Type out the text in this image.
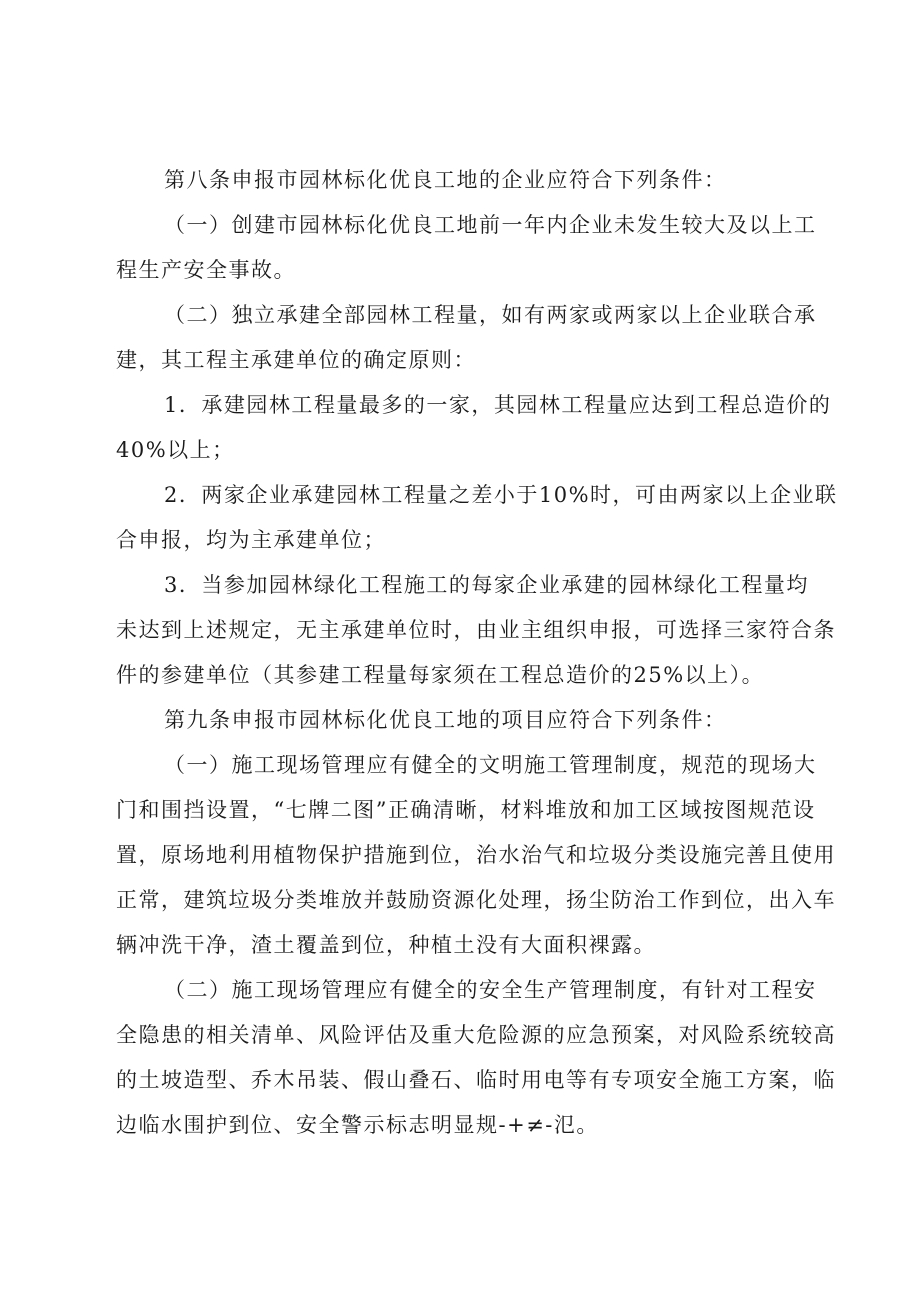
第八条申报市园林标化优良工地的企业应符合下列条件：
（一）创建市园林标化优良工地前一年内企业未发生较大及以上工
程生产安全事故。
（二）独立承建全部园林工程量，如有两家或两家以上企业联合承
建，其工程主承建单位的确定原则：
1．承建园林工程量最多的一家，其园林工程量应达到工程总造价的
40%以上；
2．两家企业承建园林工程量之差小于10%时，可由两家以上企业联
合申报，均为主承建单位；
3．当参加园林绿化工程施工的每家企业承建的园林绿化工程量均
未达到上述规定，无主承建单位时，由业主组织申报，可选择三家符合条
件的参建单位（其参建工程量每家须在工程总造价的25%以上）。
第九条申报市园林标化优良工地的项目应符合下列条件：
（一）施工现场管理应有健全的文明施工管理制度，规范的现场大
门和围挡设置，“七牌二图”正确清晰，材料堆放和加工区域按图规范设
置，原场地利用植物保护措施到位，治水治气和垃圾分类设施完善且使用
正常，建筑垃圾分类堆放并鼓励资源化处理，扬尘防治工作到位，出入车
辆冲洗干净，渣土覆盖到位，种植土没有大面积裸露。
（二）施工现场管理应有健全的安全生产管理制度，有针对工程安
全隐患的相关清单、风险评估及重大危险源的应急预案，对风险系统较高
的土坡造型、乔木吊装、假山叠石、临时用电等有专项安全施工方案，临
边临水围护到位、安全警示标志明显规-+≠-氾。
